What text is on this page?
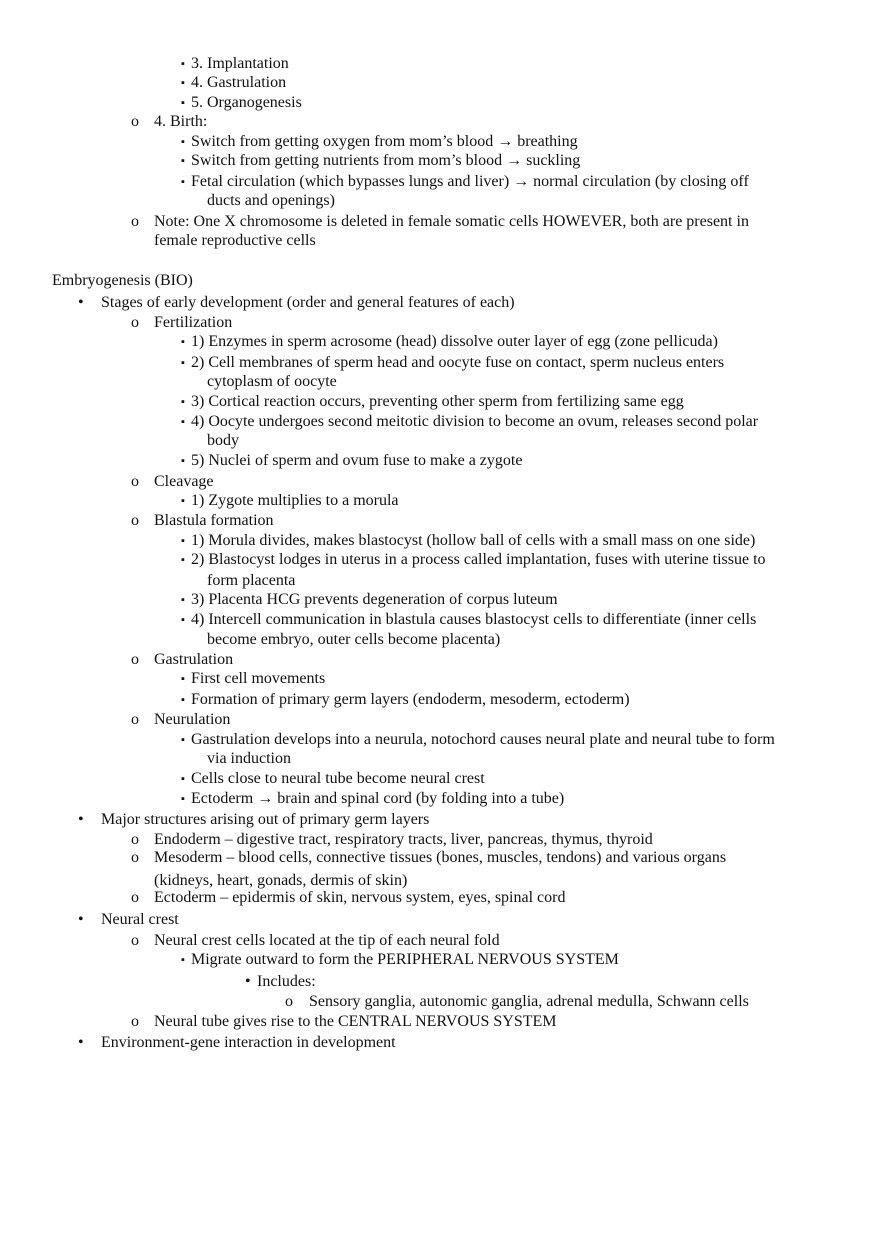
▪ 3. Implantation
▪ 4. Gastrulation
▪ 5. Organogenesis
o 4. Birth:
▪ Switch from getting oxygen from mom’s blood → breathing
▪ Switch from getting nutrients from mom’s blood → suckling
▪ Fetal circulation (which bypasses lungs and liver) → normal circulation (by closing off
ducts and openings)
o Note: One X chromosome is deleted in female somatic cells HOWEVER, both are present in
female reproductive cells
Embryogenesis (BIO)
• Stages of early development (order and general features of each)
o Fertilization
▪ 1) Enzymes in sperm acrosome (head) dissolve outer layer of egg (zone pellicuda)
▪ 2) Cell membranes of sperm head and oocyte fuse on contact, sperm nucleus enters
cytoplasm of oocyte
▪ 3) Cortical reaction occurs, preventing other sperm from fertilizing same egg
▪ 4) Oocyte undergoes second meitotic division to become an ovum, releases second polar
body
▪ 5) Nuclei of sperm and ovum fuse to make a zygote
o Cleavage
▪ 1) Zygote multiplies to a morula
o Blastula formation
▪ 1) Morula divides, makes blastocyst (hollow ball of cells with a small mass on one side)
▪ 2) Blastocyst lodges in uterus in a process called implantation, fuses with uterine tissue to
form placenta
▪ 3) Placenta HCG prevents degeneration of corpus luteum
▪ 4) Intercell communication in blastula causes blastocyst cells to differentiate (inner cells
become embryo, outer cells become placenta)
o Gastrulation
▪ First cell movements
▪ Formation of primary germ layers (endoderm, mesoderm, ectoderm)
o Neurulation
▪ Gastrulation develops into a neurula, notochord causes neural plate and neural tube to form
via induction
▪ Cells close to neural tube become neural crest
▪ Ectoderm → brain and spinal cord (by folding into a tube)
• Major structures arising out of primary germ layers
o Endoderm – digestive tract, respiratory tracts, liver, pancreas, thymus, thyroid
o Mesoderm – blood cells, connective tissues (bones, muscles, tendons) and various organs
(kidneys, heart, gonads, dermis of skin)
o Ectoderm – epidermis of skin, nervous system, eyes, spinal cord
• Neural crest
o Neural crest cells located at the tip of each neural fold
▪ Migrate outward to form the PERIPHERAL NERVOUS SYSTEM
• Includes:
o Sensory ganglia, autonomic ganglia, adrenal medulla, Schwann cells
o Neural tube gives rise to the CENTRAL NERVOUS SYSTEM
• Environment-gene interaction in development
